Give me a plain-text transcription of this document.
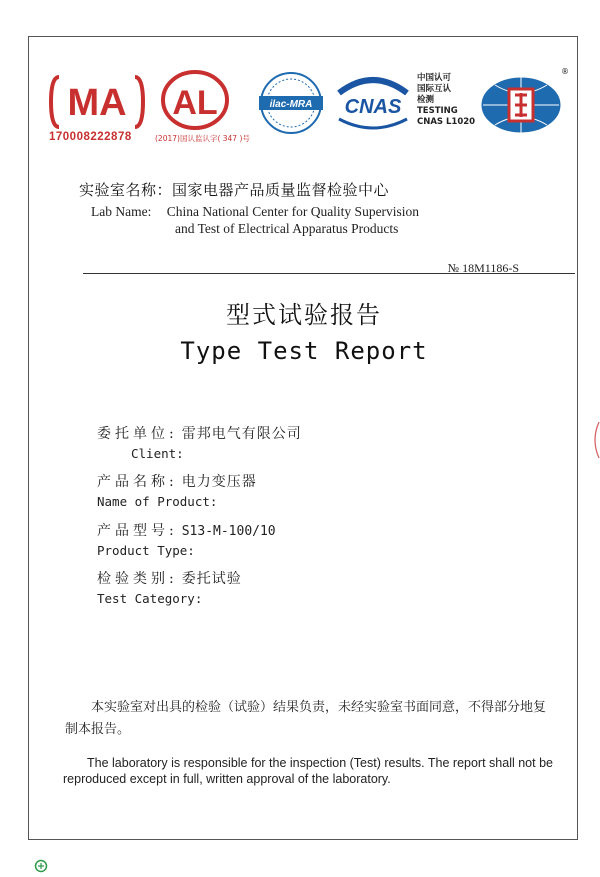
MA
170008222878
AL
(2017)国认监认字( 347 )号
ilac-MRA CNAS
中国认可
国际互认
检测
TESTING
CNAS L1020
®
实验室名称：国家电器产品质量监督检验中心
Lab Name: China National Center for Quality Supervision
and Test of Electrical Apparatus Products
№ 18M1186-S
型式试验报告
Type Test Report
委托单位: 雷邦电气有限公司
Client:
产品名称: 电力变压器
Name of Product:
产品型号: S13-M-100/10
Product Type:
检验类别: 委托试验
Test Category:
本实验室对出具的检验（试验）结果负责，未经实验室书面同意，不得部分地复制本报告。
The laboratory is responsible for the inspection (Test) results. The report shall not be reproduced except in full, written approval of the laboratory.
